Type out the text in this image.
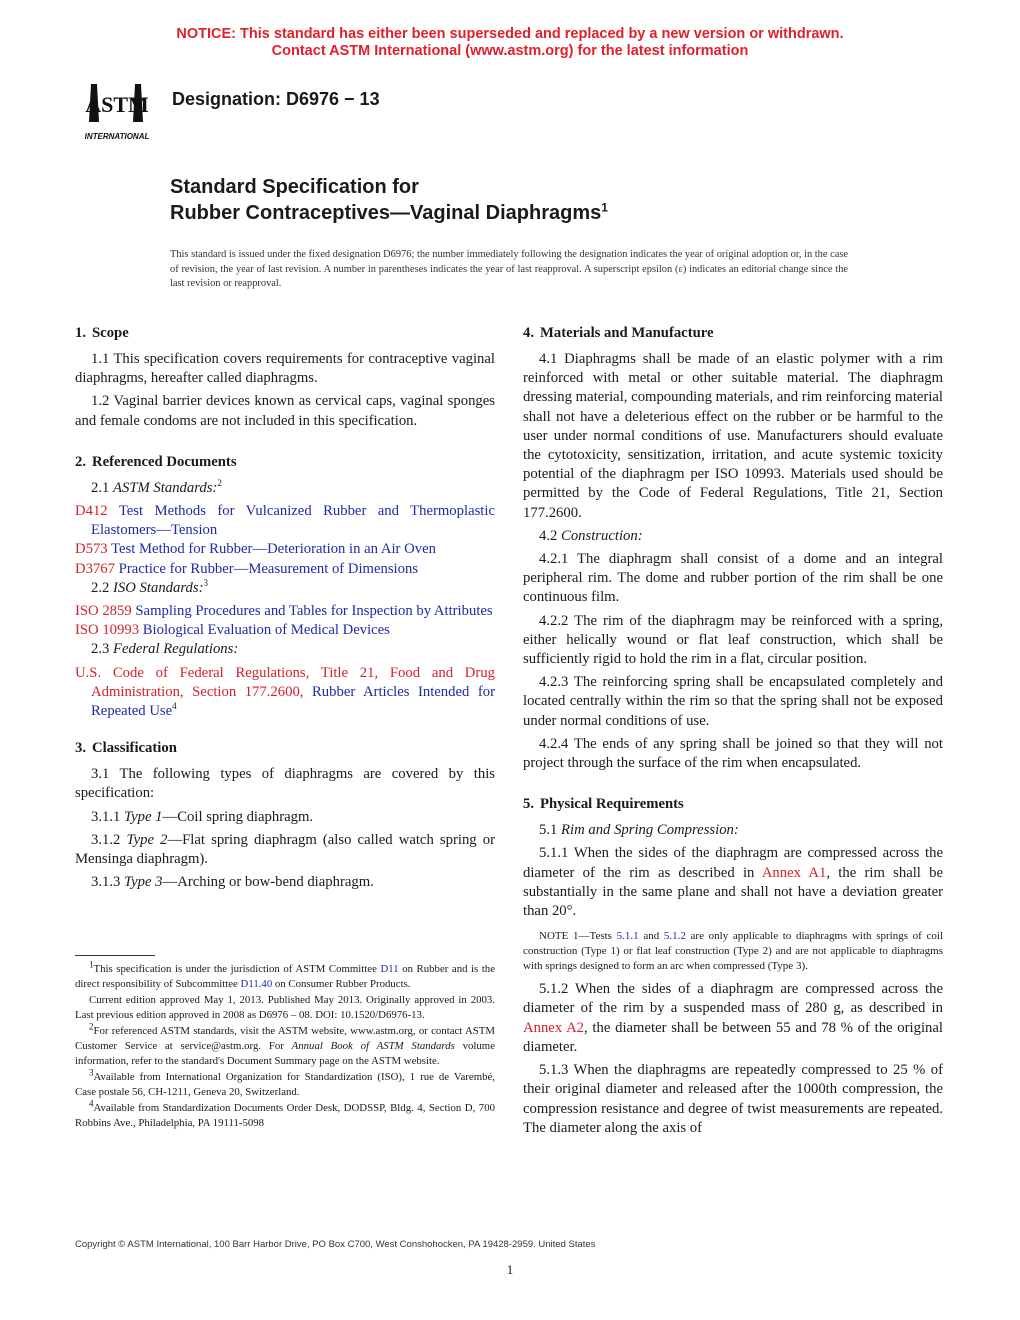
NOTICE: This standard has either been superseded and replaced by a new version or withdrawn.
Contact ASTM International (www.astm.org) for the latest information
ASTM
INTERNATIONAL
Designation: D6976 − 13
Standard Specification for
Rubber Contraceptives—Vaginal Diaphragms$^1$
This standard is issued under the fixed designation D6976; the number immediately following the designation indicates the year of original adoption or, in the case of revision, the year of last revision. A number in parentheses indicates the year of last reapproval. A superscript epsilon (ε) indicates an editorial change since the last revision or reapproval.
1. Scope

1.1 This specification covers requirements for contraceptive vaginal diaphragms, hereafter called diaphragms.

1.2 Vaginal barrier devices known as cervical caps, vaginal sponges and female condoms are not included in this specification.

2. Referenced Documents

2.1 ASTM Standards:$^2$

D412 Test Methods for Vulcanized Rubber and Thermoplastic Elastomers—Tension

D573 Test Method for Rubber—Deterioration in an Air Oven

D3767 Practice for Rubber—Measurement of Dimensions

2.2 ISO Standards:$^3$

ISO 2859 Sampling Procedures and Tables for Inspection by Attributes

ISO 10993 Biological Evaluation of Medical Devices

2.3 Federal Regulations:

U.S. Code of Federal Regulations, Title 21, Food and Drug Administration, Section 177.2600, Rubber Articles Intended for Repeated Use$^4$

3. Classification

3.1 The following types of diaphragms are covered by this specification:

3.1.1 Type 1—Coil spring diaphragm.

3.1.2 Type 2—Flat spring diaphragm (also called watch spring or Mensinga diaphragm).

3.1.3 Type 3—Arching or bow-bend diaphragm.

$^1$This specification is under the jurisdiction of ASTM Committee D11 on Rubber and is the direct responsibility of Subcommittee D11.40 on Consumer Rubber Products.

Current edition approved May 1, 2013. Published May 2013. Originally approved in 2003. Last previous edition approved in 2008 as D6976 – 08. DOI: 10.1520/D6976-13.

$^2$For referenced ASTM standards, visit the ASTM website, www.astm.org, or contact ASTM Customer Service at service@astm.org. For Annual Book of ASTM Standards volume information, refer to the standard's Document Summary page on the ASTM website.

$^3$Available from International Organization for Standardization (ISO), 1 rue de Varembé, Case postale 56, CH-1211, Geneva 20, Switzerland.

$^4$Available from Standardization Documents Order Desk, DODSSP, Bldg. 4, Section D, 700 Robbins Ave., Philadelphia, PA 19111-5098

4. Materials and Manufacture

4.1 Diaphragms shall be made of an elastic polymer with a rim reinforced with metal or other suitable material. The diaphragm dressing material, compounding materials, and rim reinforcing material shall not have a deleterious effect on the rubber or be harmful to the user under normal conditions of use. Manufacturers should evaluate the cytotoxicity, sensitization, irritation, and acute systemic toxicity potential of the diaphragm per ISO 10993. Materials used should be permitted by the Code of Federal Regulations, Title 21, Section 177.2600.

4.2 Construction:

4.2.1 The diaphragm shall consist of a dome and an integral peripheral rim. The dome and rubber portion of the rim shall be one continuous film.

4.2.2 The rim of the diaphragm may be reinforced with a spring, either helically wound or flat leaf construction, which shall be sufficiently rigid to hold the rim in a flat, circular position.

4.2.3 The reinforcing spring shall be encapsulated completely and located centrally within the rim so that the spring shall not be exposed under normal conditions of use.

4.2.4 The ends of any spring shall be joined so that they will not project through the surface of the rim when encapsulated.

5. Physical Requirements

5.1 Rim and Spring Compression:

5.1.1 When the sides of the diaphragm are compressed across the diameter of the rim as described in Annex A1, the rim shall be substantially in the same plane and shall not have a deviation greater than 20°.

NOTE 1—Tests 5.1.1 and 5.1.2 are only applicable to diaphragms with springs of coil construction (Type 1) or flat leaf construction (Type 2) and are not applicable to diaphragms with springs designed to form an arc when compressed (Type 3).

5.1.2 When the sides of a diaphragm are compressed across the diameter of the rim by a suspended mass of 280 g, as described in Annex A2, the diameter shall be between 55 and 78 % of the original diameter.

5.1.3 When the diaphragms are repeatedly compressed to 25 % of their original diameter and released after the 1000th compression, the compression resistance and degree of twist measurements are repeated. The diameter along the axis of

Copyright © ASTM International, 100 Barr Harbor Drive, PO Box C700, West Conshohocken, PA 19428-2959. United States
1
